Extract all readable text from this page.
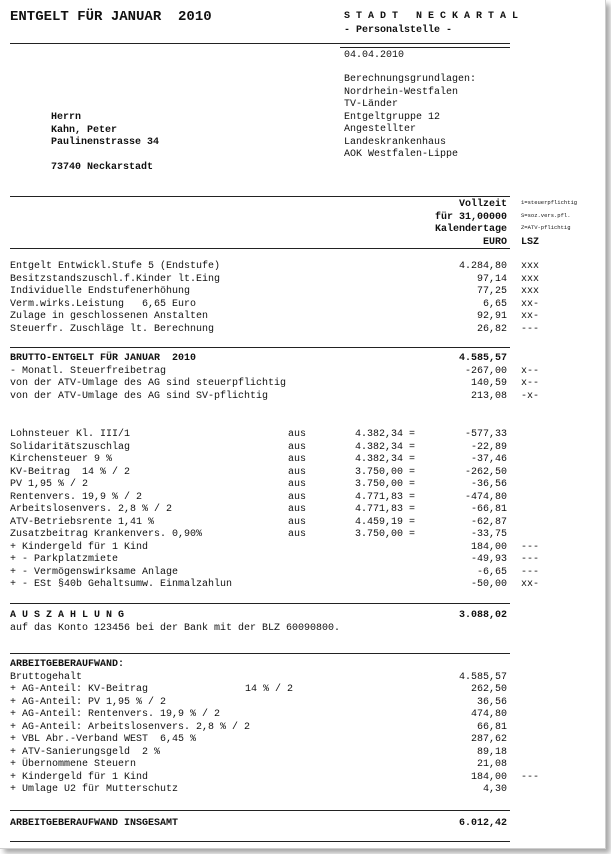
ENTGELT FÜR JANUAR  2010	S T A D T   N E C K A R T A L
- Personalstelle -
04.04.2010
Berechnungsgrundlagen:
Nordrhein-Westfalen
TV-Länder
Entgeltgruppe 12
Angestellter
Landeskrankenhaus
AOK Westfalen-Lippe
Herrn
Kahn, Peter
Paulinenstrasse 34
73740 Neckarstadt
Vollzeit
für 31,00000
Kalendertage
EURO LSZ
1=steuerpflichtig
S=soz.vers.pfl.
Z=ATV-pflichtig
Entgelt Entwickl.Stufe 5 (Endstufe)	4.284,80 xxx
Besitzstandszuschl.f.Kinder lt.Eing	97,14 xxx
Individuelle Endstufenerhöhung	77,25 xxx
Verm.wirks.Leistung   6,65 Euro	6,65 xx-
Zulage in geschlossenen Anstalten	92,91 xx-
Steuerfr. Zuschläge lt. Berechnung	26,82 ---
BRUTTO-ENTGELT FÜR JANUAR  2010	4.585,57
- Monatl. Steuerfreibetrag	-267,00 x--
von der ATV-Umlage des AG sind steuerpflichtig	140,59 x--
von der ATV-Umlage des AG sind SV-pflichtig	213,08 -x-
Lohnsteuer Kl. III/1	aus	4.382,34 =	-577,33
Solidaritätszuschlag	aus	4.382,34 =	-22,89
Kirchensteuer 9 %	aus	4.382,34 =	-37,46
KV-Beitrag  14 % / 2	aus	3.750,00 =	-262,50
PV 1,95 % / 2	aus	3.750,00 =	-36,56
Rentenvers. 19,9 % / 2	aus	4.771,83 =	-474,80
Arbeitslosenvers. 2,8 % / 2	aus	4.771,83 =	-66,81
ATV-Betriebsrente 1,41 %	aus	4.459,19 =	-62,87
Zusatzbeitrag Krankenvers. 0,90%	aus	3.750,00 =	-33,75
+ Kindergeld für 1 Kind	184,00 ---
+ - Parkplatzmiete	-49,93 ---
+ - Vermögenswirksame Anlage	-6,65 ---
+ - ESt §40b Gehaltsumw. Einmalzahlun	-50,00 xx-
A U S Z A H L U N G	3.088,02
auf das Konto 123456 bei der Bank mit der BLZ 60090800.
ARBEITGEBERAUFWAND:
Bruttogehalt	4.585,57
+ AG-Anteil: KV-Beitrag	14 % / 2	262,50
+ AG-Anteil: PV 1,95 % / 2	36,56
+ AG-Anteil: Rentenvers. 19,9 % / 2	474,80
+ AG-Anteil: Arbeitslosenvers. 2,8 % / 2	66,81
+ VBL Abr.-Verband WEST  6,45 %	287,62
+ ATV-Sanierungsgeld  2 %	89,18
+ Übernommene Steuern	21,08
+ Kindergeld für 1 Kind	184,00 ---
+ Umlage U2 für Mutterschutz	4,30
ARBEITGEBERAUFWAND INSGESAMT	6.012,42
